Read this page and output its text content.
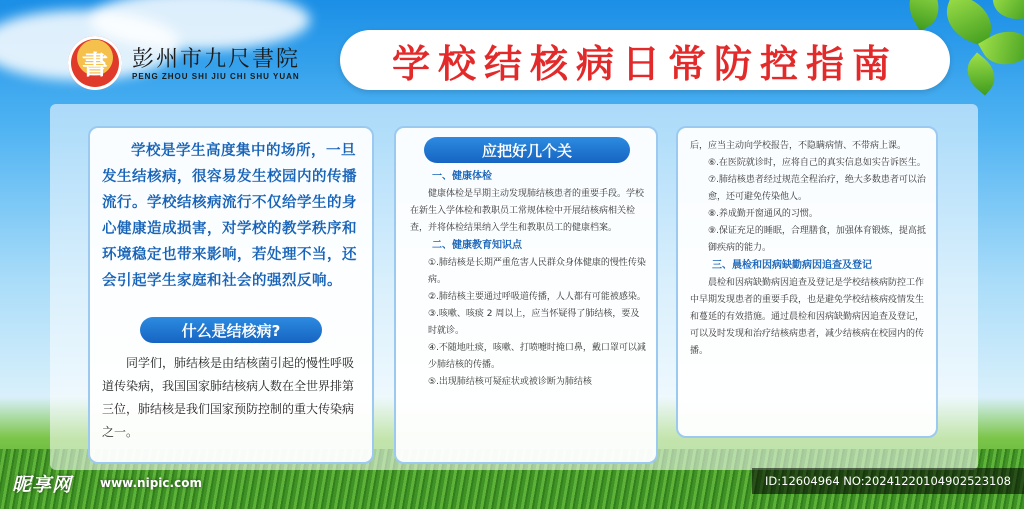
書	彭州市九尺書院
PENG ZHOU SHI JIU CHI SHU YUAN	学校结核病日常防控指南

学校是学生高度集中的场所，一旦发生结核病，很容易发生校园内的传播流行。学校结核病流行不仅给学生的身心健康造成损害，对学校的教学秩序和环境稳定也带来影响，若处理不当，还会引起学生家庭和社会的强烈反响。

什么是结核病?

同学们，肺结核是由结核菌引起的慢性呼吸道传染病，我国国家肺结核病人数在全世界排第三位，肺结核是我们国家预防控制的重大传染病之一。

应把好几个关

一、健康体检

健康体检是早期主动发现肺结核患者的重要手段。学校在新生入学体检和教职员工常规体检中开展结核病相关检查，并将体检结果纳入学生和教职员工的健康档案。

二、健康教育知识点

①.肺结核是长期严重危害人民群众身体健康的慢性传染病。

②.肺结核主要通过呼吸道传播，人人都有可能被感染。

③.咳嗽、咳痰 2 周以上，应当怀疑得了肺结核，要及时就诊。

④.不随地吐痰，咳嗽、打喷嚏时掩口鼻，戴口罩可以减少肺结核的传播。

⑤.出现肺结核可疑症状或被诊断为肺结核

后，应当主动向学校报告，不隐瞒病情、不带病上课。

⑥.在医院就诊时，应将自己的真实信息如实告诉医生。

⑦.肺结核患者经过规范全程治疗，绝大多数患者可以治愈，还可避免传染他人。

⑧.养成勤开窗通风的习惯。

⑨.保证充足的睡眠，合理膳食，加强体育锻炼，提高抵御疾病的能力。

三、晨检和因病缺勤病因追查及登记

晨检和因病缺勤病因追查及登记是学校结核病防控工作中早期发现患者的重要手段，也是避免学校结核病疫情发生和蔓延的有效措施。通过晨检和因病缺勤病因追查及登记，可以及时发现和治疗结核病患者，减少结核病在校园内的传播。

昵享网 www.nipic.com	ID:12604964 NO:20241220104902523108
